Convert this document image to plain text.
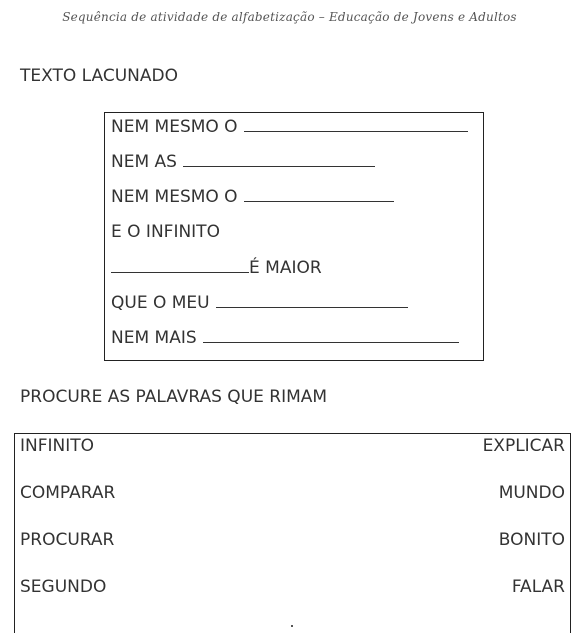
Sequência de atividade de alfabetização – Educação de Jovens e Adultos
TEXTO LACUNADO
NEM MESMO O
NEM AS
NEM MESMO O
E O INFINITO
É MAIOR
QUE O MEU
NEM MAIS
PROCURE AS PALAVRAS QUE RIMAM
INFINITO	EXPLICAR
COMPARAR	MUNDO
PROCURAR	BONITO
SEGUNDO	FALAR
